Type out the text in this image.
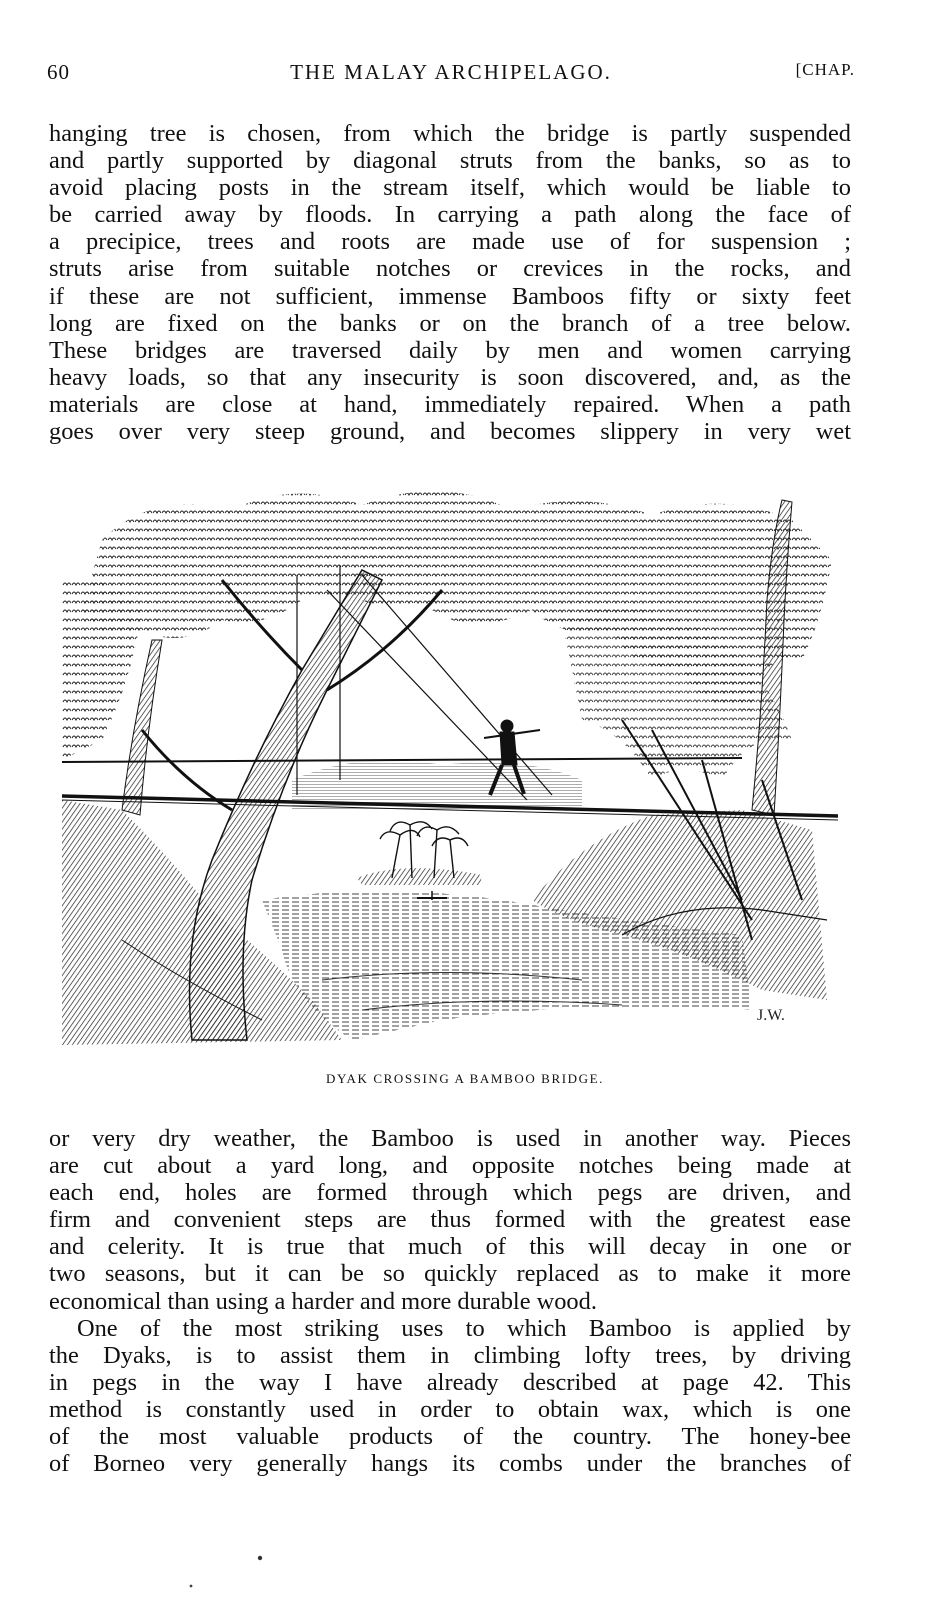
60	THE MALAY ARCHIPELAGO.	[CHAP.
hanging tree is chosen, from which the bridge is partly suspended
and partly supported by diagonal struts from the banks, so as to
avoid placing posts in the stream itself, which would be liable to
be carried away by floods. In carrying a path along the face of
a precipice, trees and roots are made use of for suspension ;
struts arise from suitable notches or crevices in the rocks, and
if these are not sufficient, immense Bamboos fifty or sixty feet
long are fixed on the banks or on the branch of a tree below.
These bridges are traversed daily by men and women carrying
heavy loads, so that any insecurity is soon discovered, and, as the
materials are close at hand, immediately repaired. When a path
goes over very steep ground, and becomes slippery in very wet
J.W.
DYAK CROSSING A BAMBOO BRIDGE.
or very dry weather, the Bamboo is used in another way. Pieces
are cut about a yard long, and opposite notches being made at
each end, holes are formed through which pegs are driven, and
firm and convenient steps are thus formed with the greatest ease
and celerity. It is true that much of this will decay in one or
two seasons, but it can be so quickly replaced as to make it more
economical than using a harder and more durable wood.
One of the most striking uses to which Bamboo is applied by
the Dyaks, is to assist them in climbing lofty trees, by driving
in pegs in the way I have already described at page 42. This
method is constantly used in order to obtain wax, which is one
of the most valuable products of the country. The honey-bee
of Borneo very generally hangs its combs under the branches of
